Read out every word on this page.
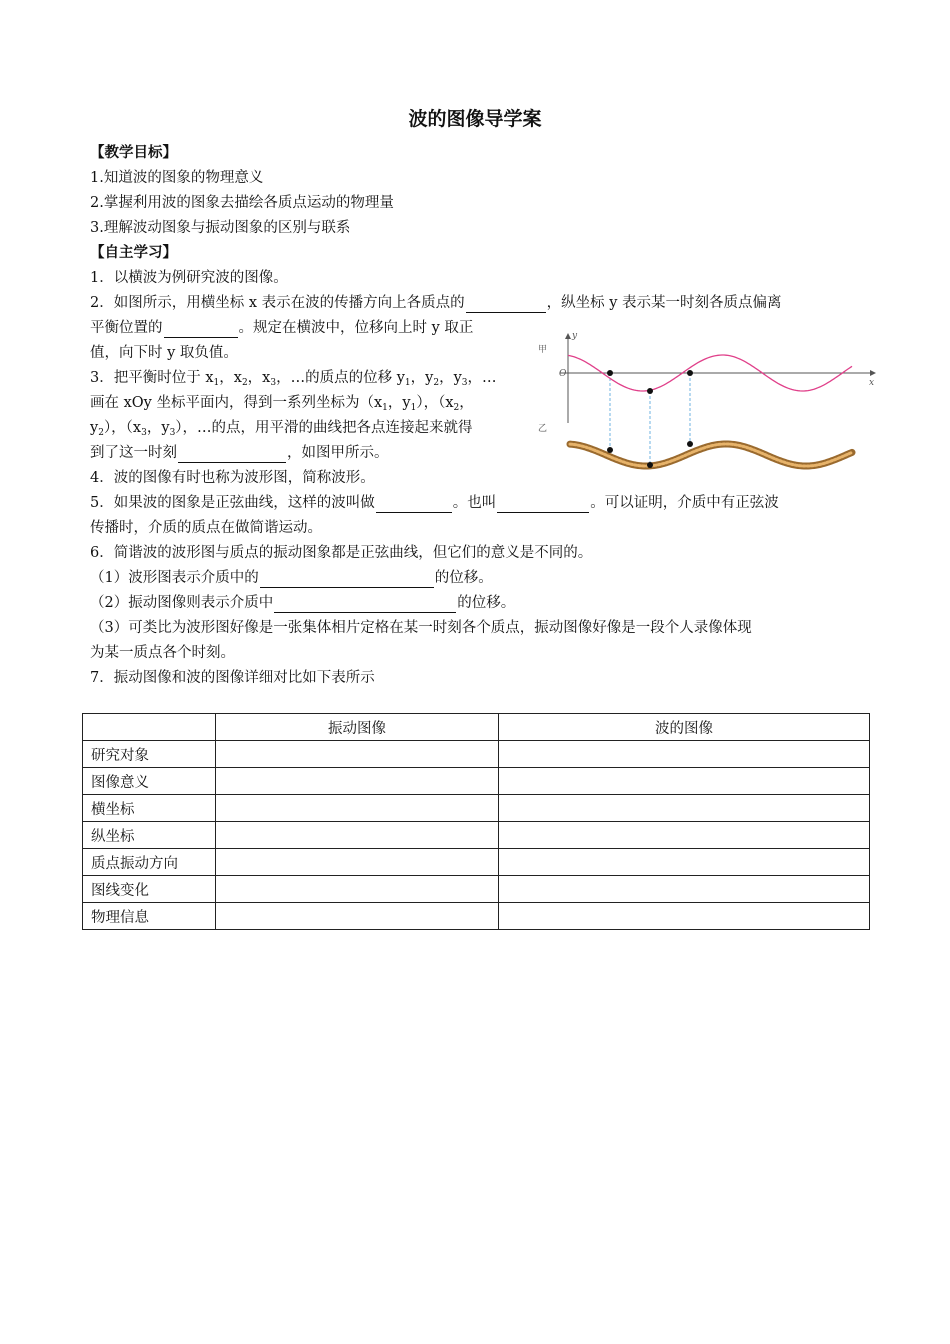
波的图像导学案
【教学目标】
1.知道波的图象的物理意义
2.掌握利用波的图象去描绘各质点运动的物理量
3.理解波动图象与振动图象的区别与联系
【自主学习】
1．以横波为例研究波的图像。
2．如图所示，用横坐标 x 表示在波的传播方向上各质点的	，纵坐标 y 表示某一时刻各质点偏离
平衡位置的	。规定在横波中，位移向上时 y 取正
值，向下时 y 取负值。
3．把平衡时位于 $x_1$，$x_2$，$x_3$，…的质点的位移 $y_1$，$y_2$，$y_3$，…
画在 xOy 坐标平面内，得到一系列坐标为（$x_1$，$y_1$），（$x_2$，
$y_2$），（$x_3$，$y_3$），…的点，用平滑的曲线把各点连接起来就得
到了这一时刻	，如图甲所示。
4．波的图像有时也称为波形图，简称波形。
5．如果波的图象是正弦曲线，这样的波叫做	。也叫	。可以证明，介质中有正弦波
传播时，介质的质点在做简谐运动。
6．简谐波的波形图与质点的振动图象都是正弦曲线，但它们的意义是不同的。
（1）波形图表示介质中的	的位移。
（2）振动图像则表示介质中	的位移。
（3）可类比为波形图好像是一张集体相片定格在某一时刻各个质点，振动图像好像是一段个人录像体现
为某一质点各个时刻。
7．振动图像和波的图像详细对比如下表所示
y
x
O
甲
乙
	振动图像	波的图像
研究对象		
图像意义		
横坐标		
纵坐标		
质点振动方向		
图线变化		
物理信息		
